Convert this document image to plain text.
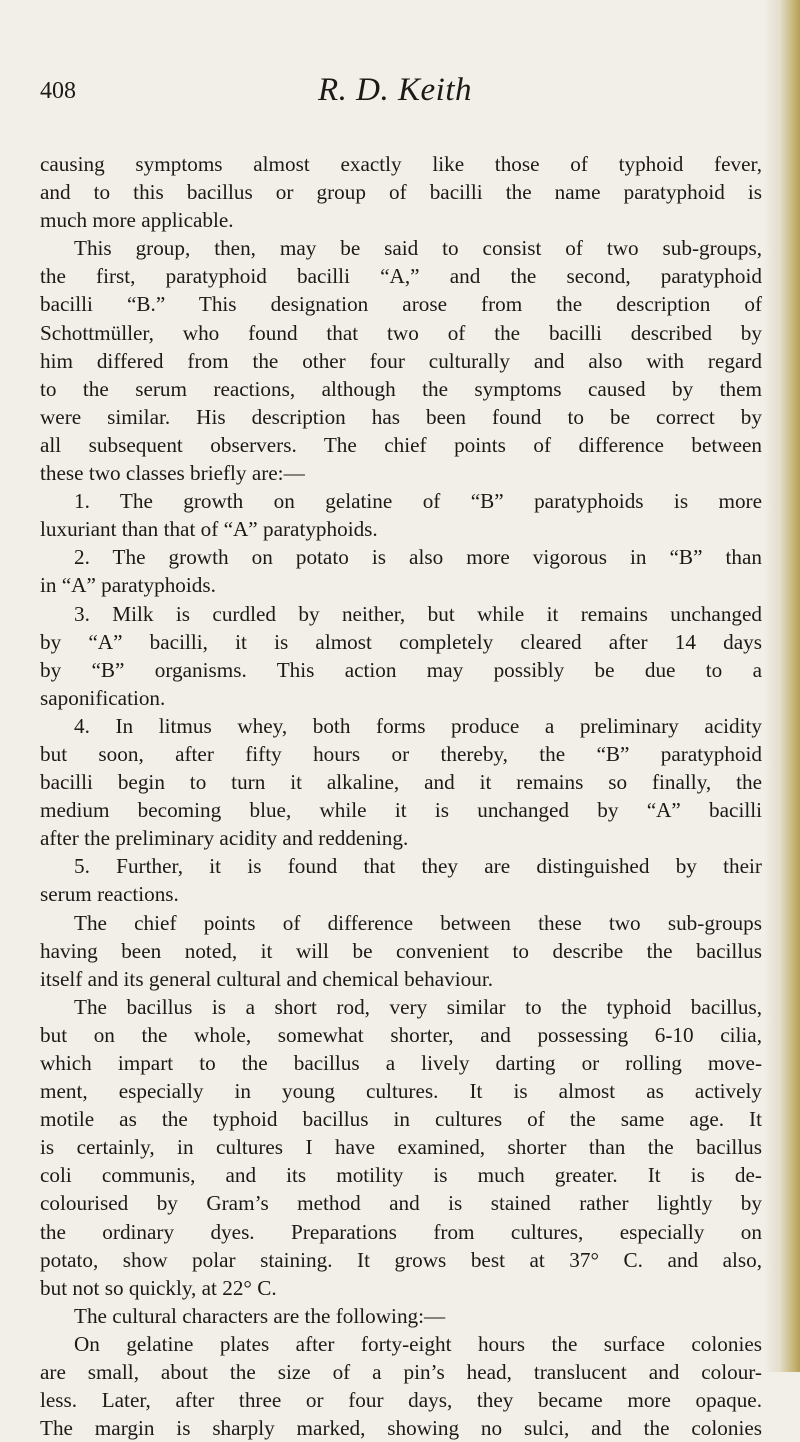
408	R. D. Keith
causing symptoms almost exactly like those of typhoid fever,
and to this bacillus or group of bacilli the name paratyphoid is
much more applicable.
This group, then, may be said to consist of two sub-groups,
the first, paratyphoid bacilli “A,” and the second, paratyphoid
bacilli “B.” This designation arose from the description of
Schottmüller, who found that two of the bacilli described by
him differed from the other four culturally and also with regard
to the serum reactions, although the symptoms caused by them
were similar. His description has been found to be correct by
all subsequent observers. The chief points of difference between
these two classes briefly are:—
1. The growth on gelatine of “B” paratyphoids is more
luxuriant than that of “A” paratyphoids.
2. The growth on potato is also more vigorous in “B” than
in “A” paratyphoids.
3. Milk is curdled by neither, but while it remains unchanged
by “A” bacilli, it is almost completely cleared after 14 days
by “B” organisms. This action may possibly be due to a
saponification.
4. In litmus whey, both forms produce a preliminary acidity
but soon, after fifty hours or thereby, the “B” paratyphoid
bacilli begin to turn it alkaline, and it remains so finally, the
medium becoming blue, while it is unchanged by “A” bacilli
after the preliminary acidity and reddening.
5. Further, it is found that they are distinguished by their
serum reactions.
The chief points of difference between these two sub-groups
having been noted, it will be convenient to describe the bacillus
itself and its general cultural and chemical behaviour.
The bacillus is a short rod, very similar to the typhoid bacillus,
but on the whole, somewhat shorter, and possessing 6-10 cilia,
which impart to the bacillus a lively darting or rolling move-
ment, especially in young cultures. It is almost as actively
motile as the typhoid bacillus in cultures of the same age. It
is certainly, in cultures I have examined, shorter than the bacillus
coli communis, and its motility is much greater. It is de-
colourised by Gram’s method and is stained rather lightly by
the ordinary dyes. Preparations from cultures, especially on
potato, show polar staining. It grows best at 37° C. and also,
but not so quickly, at 22° C.
The cultural characters are the following:—
On gelatine plates after forty-eight hours the surface colonies
are small, about the size of a pin’s head, translucent and colour-
less. Later, after three or four days, they became more opaque.
The margin is sharply marked, showing no sulci, and the colonies
